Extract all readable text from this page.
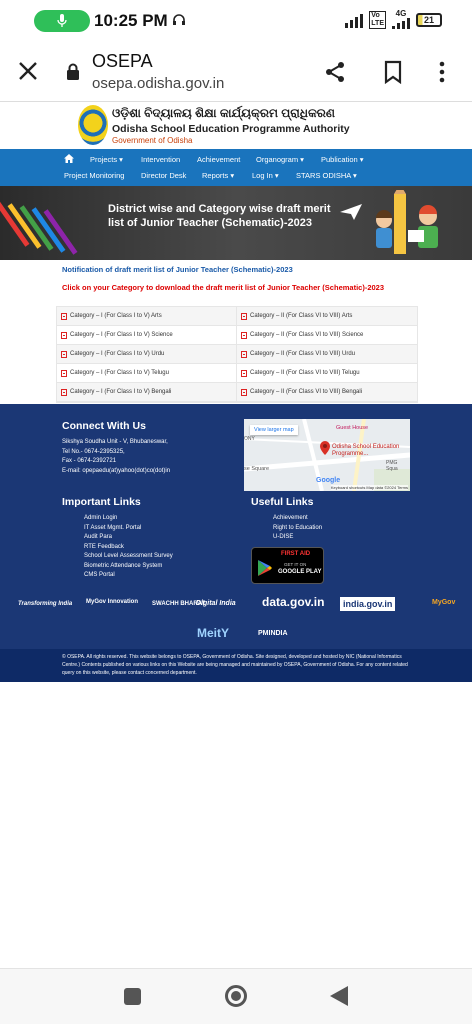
10:25 PM	Vo
LTE
4G
21
OSEPA
osepa.odisha.gov.in
ଓଡ଼ିଶା ବିଦ୍ୟାଳୟ ଶିକ୍ଷା କାର୍ଯ୍ୟକ୍ରମ ପ୍ରାଧିକରଣ
Odisha School Education Programme Authority
Government of Odisha
Projects ▾ Intervention Achievement Organogram ▾ Publication ▾
Project Monitoring Director Desk Reports ▾ Log In ▾ STARS ODISHA ▾
District wise and Category wise draft merit list of Junior Teacher (Schematic)-2023
Notification of draft merit list of Junior Teacher (Schematic)-2023
Click on your Category to download the draft merit list of Junior Teacher (Schematic)-2023
Category – I (For Class I to V) Arts	Category – II (For Class VI to VIII) Arts
Category – I (For Class I to V) Science	Category – II (For Class VI to VIII) Science
Category – I (For Class I to V) Urdu	Category – II (For Class VI to VIII) Urdu
Category – I (For Class I to V) Telugu	Category – II (For Class VI to VIII) Telugu
Category – I (For Class I to V) Bengali	Category – II (For Class VI to VIII) Bengali
Connect With Us
Sikshya Soudha Unit - V, Bhubaneswar,
Tel No.- 0674-2395325,
Fax - 0674-2392721
E-mail: opepaedu(at)yahoo(dot)co(dot)in
View larger map	Guest House
ONY
se Square
PMG Squa
Odisha School Education Programme...
Google
Keyboard shortcuts Map data ©2024 Terms
Important Links
Admin Login
IT Asset Mgmt. Portal
Audit Para
RTE Feedback
School Level Assessment Survey
Biometric Attendance System
CMS Portal
Useful Links
Achievement
Right to Education
U-DISE
FIRST AID
GET IT ON
GOOGLE PLAY
Transforming India MyGov Innovation SWACHH BHARAT
Digital India data.gov.in	india.gov.in	MyGov
MeitY	PMINDIA
© OSEPA. All rights reserved. This website belongs to OSEPA, Government of Odisha. Site designed, developed and hosted by NIC (National Informatics Centre.) Contents published on various links on this Website are being managed and maintained by OSEPA, Government of Odisha. For any content related query on this website, please contact concerned department.
